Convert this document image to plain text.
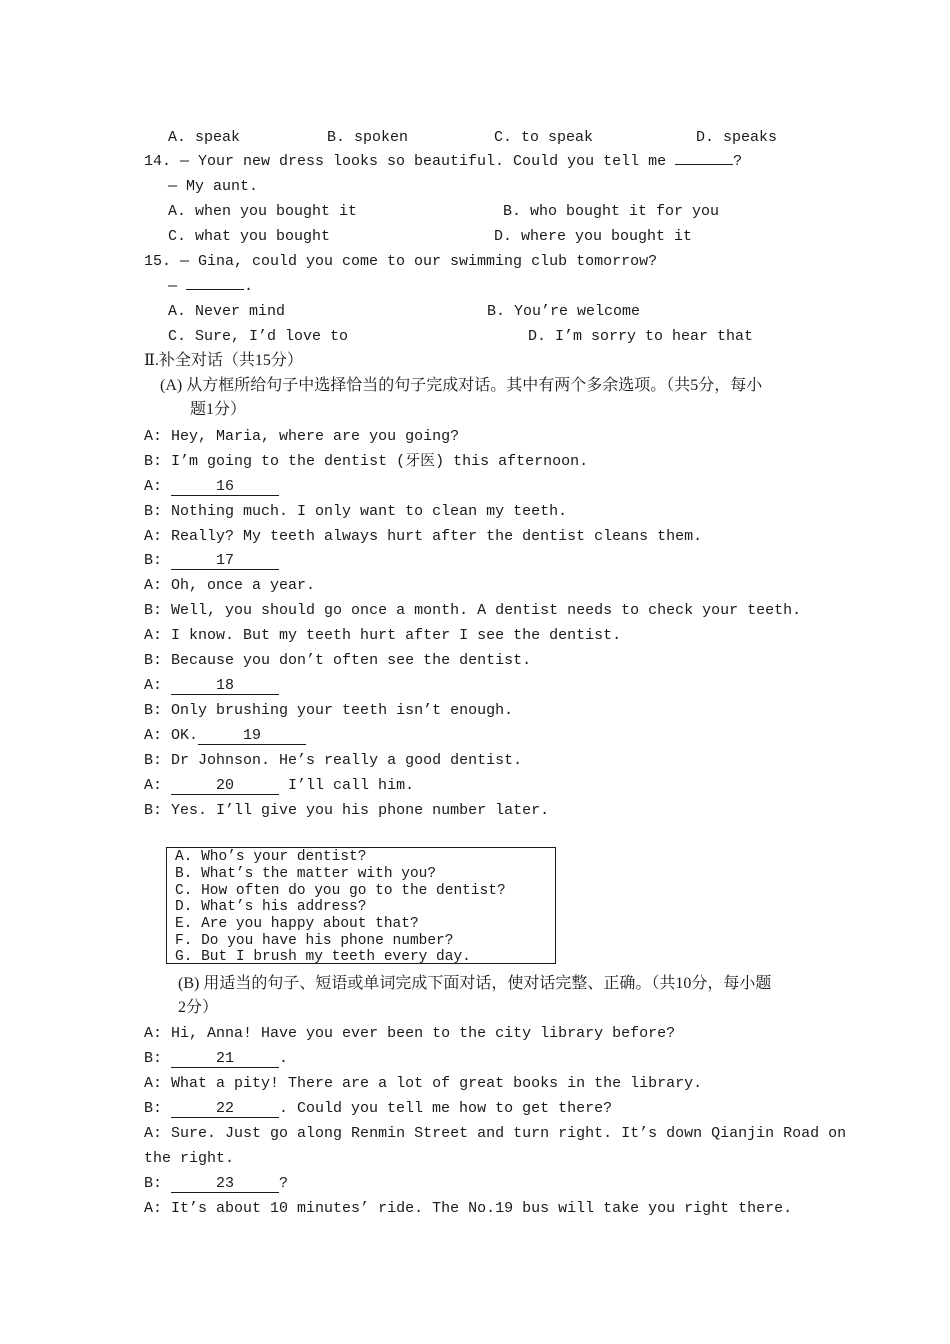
A. speak	B. spoken	C. to speak	D. speaks
14. — Your new dress looks so beautiful. Could you tell me	?
— My aunt.
A. when you bought it	B. who bought it for you
C. what you bought	D. where you bought it
15. — Gina, could you come to our swimming club tomorrow?
—	.
A. Never mind	B. You’re welcome
C. Sure, I’d love to	D. I’m sorry to hear that
Ⅱ.补全对话（共15分）
(A) 从方框所给句子中选择恰当的句子完成对话。其中有两个多余选项。（共5分，每小
题1分）
A: Hey, Maria, where are you going?
B: I’m going to the dentist (牙医) this afternoon.
A:	16
B: Nothing much. I only want to clean my teeth.
A: Really? My teeth always hurt after the dentist cleans them.
B:	17
A: Oh, once a year.
B: Well, you should go once a month. A dentist needs to check your teeth.
A: I know. But my teeth hurt after I see the dentist.
B: Because you don’t often see the dentist.
A:	18
B: Only brushing your teeth isn’t enough.
A: OK.	19
B: Dr Johnson. He’s really a good dentist.
A:	20	I’ll call him.
B: Yes. I’ll give you his phone number later.
A. Who’s your dentist?
B. What’s the matter with you?
C. How often do you go to the dentist?
D. What’s his address?
E. Are you happy about that?
F. Do you have his phone number?
G. But I brush my teeth every day.
(B) 用适当的句子、短语或单词完成下面对话，使对话完整、正确。（共10分，每小题
2分）
A: Hi, Anna! Have you ever been to the city library before?
B:	21	.
A: What a pity! There are a lot of great books in the library.
B:	22	. Could you tell me how to get there?
A: Sure. Just go along Renmin Street and turn right. It’s down Qianjin Road on
the right.
B:	23	?
A: It’s about 10 minutes’ ride. The No.19 bus will take you right there.
